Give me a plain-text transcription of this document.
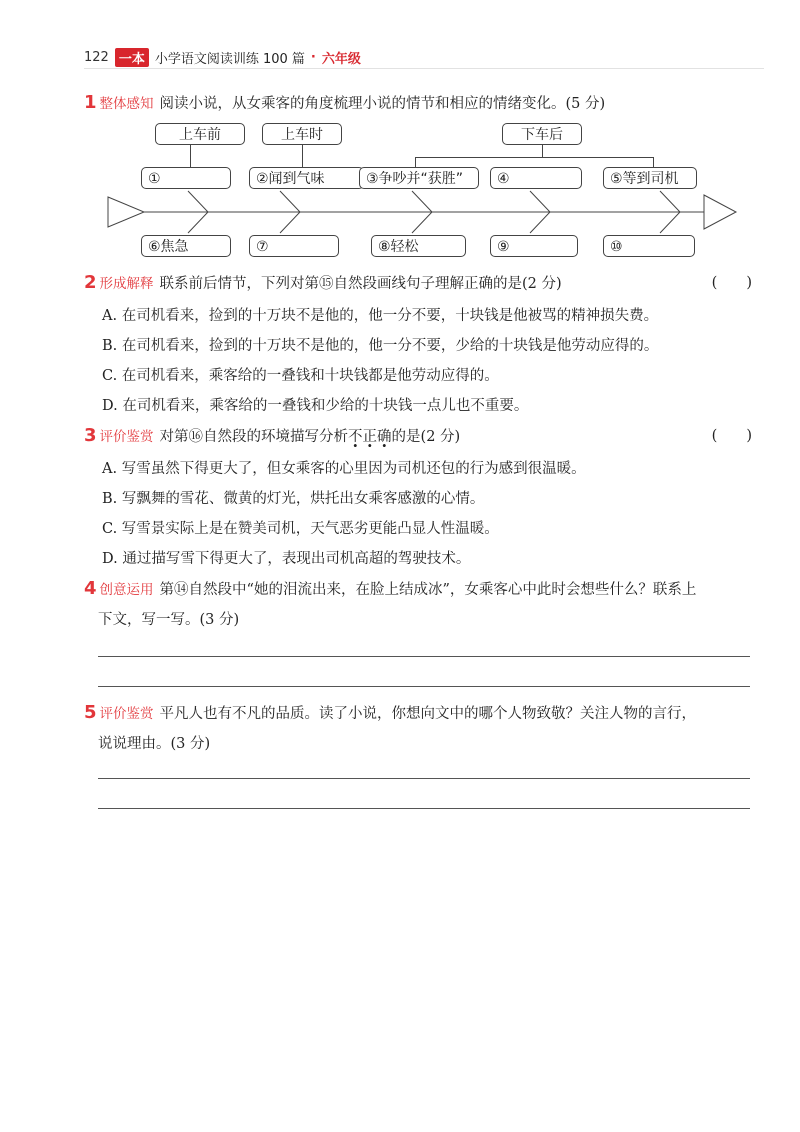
122 一本 小学语文阅读训练 100 篇 · 六年级
1 整体感知 阅读小说，从女乘客的角度梳理小说的情节和相应的情绪变化。(5 分)
上车前	上车时	下车后
①	②闻到气味	③争吵并“获胜”	④	⑤等到司机
⑥焦急	⑦	⑧轻松	⑨	⑩
2 形成解释 联系前后情节，下列对第⑮自然段画线句子理解正确的是(2 分)	(　　)
A. 在司机看来，捡到的十万块不是他的，他一分不要，十块钱是他被骂的精神损失费。
B. 在司机看来，捡到的十万块不是他的，他一分不要，少给的十块钱是他劳动应得的。
C. 在司机看来，乘客给的一叠钱和十块钱都是他劳动应得的。
D. 在司机看来，乘客给的一叠钱和少给的十块钱一点儿也不重要。
3 评价鉴赏 对第⑯自然段的环境描写分析不正确的是(2 分)	(　　)
A. 写雪虽然下得更大了，但女乘客的心里因为司机还包的行为感到很温暖。
B. 写飘舞的雪花、微黄的灯光，烘托出女乘客感激的心情。
C. 写雪景实际上是在赞美司机，天气恶劣更能凸显人性温暖。
D. 通过描写雪下得更大了，表现出司机高超的驾驶技术。
4 创意运用 第⑭自然段中“她的泪流出来，在脸上结成冰”，女乘客心中此时会想些什么？联系上
下文，写一写。(3 分)
5 评价鉴赏 平凡人也有不凡的品质。读了小说，你想向文中的哪个人物致敬？关注人物的言行，
说说理由。(3 分)
